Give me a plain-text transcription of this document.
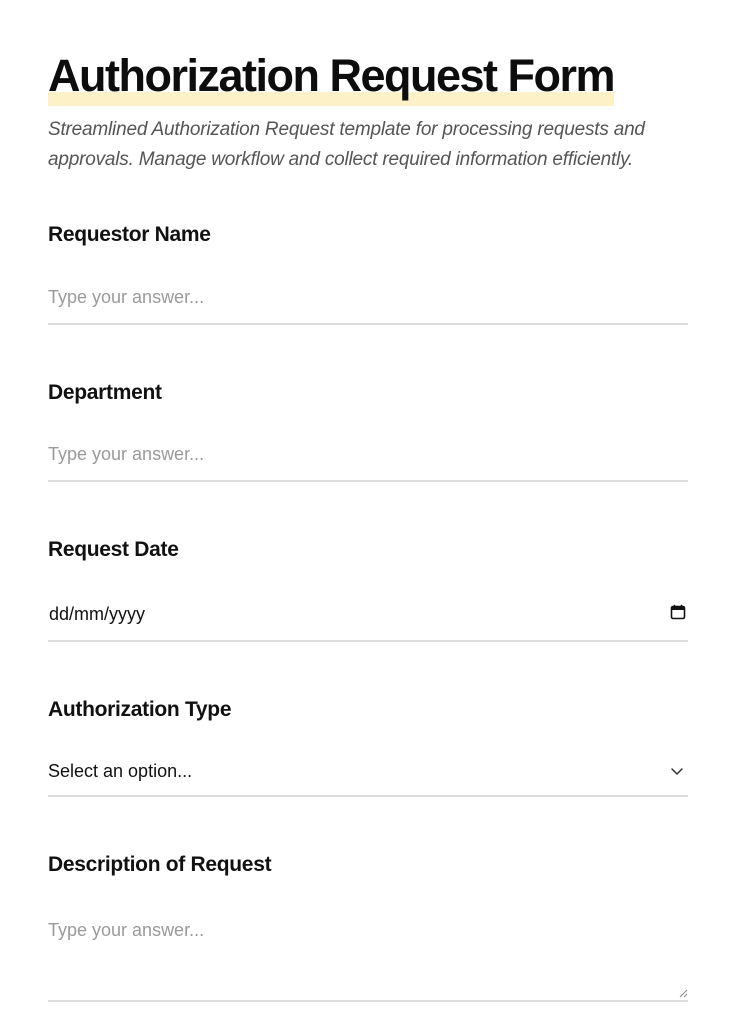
Authorization Request Form

Streamlined Authorization Request template for processing requests and approvals. Manage workflow and collect required information efficiently.

Requestor Name
Type your answer...
Department
Type your answer...
Request Date
dd/mm/yyyy
Authorization Type
Select an option...
Description of Request
Type your answer...
